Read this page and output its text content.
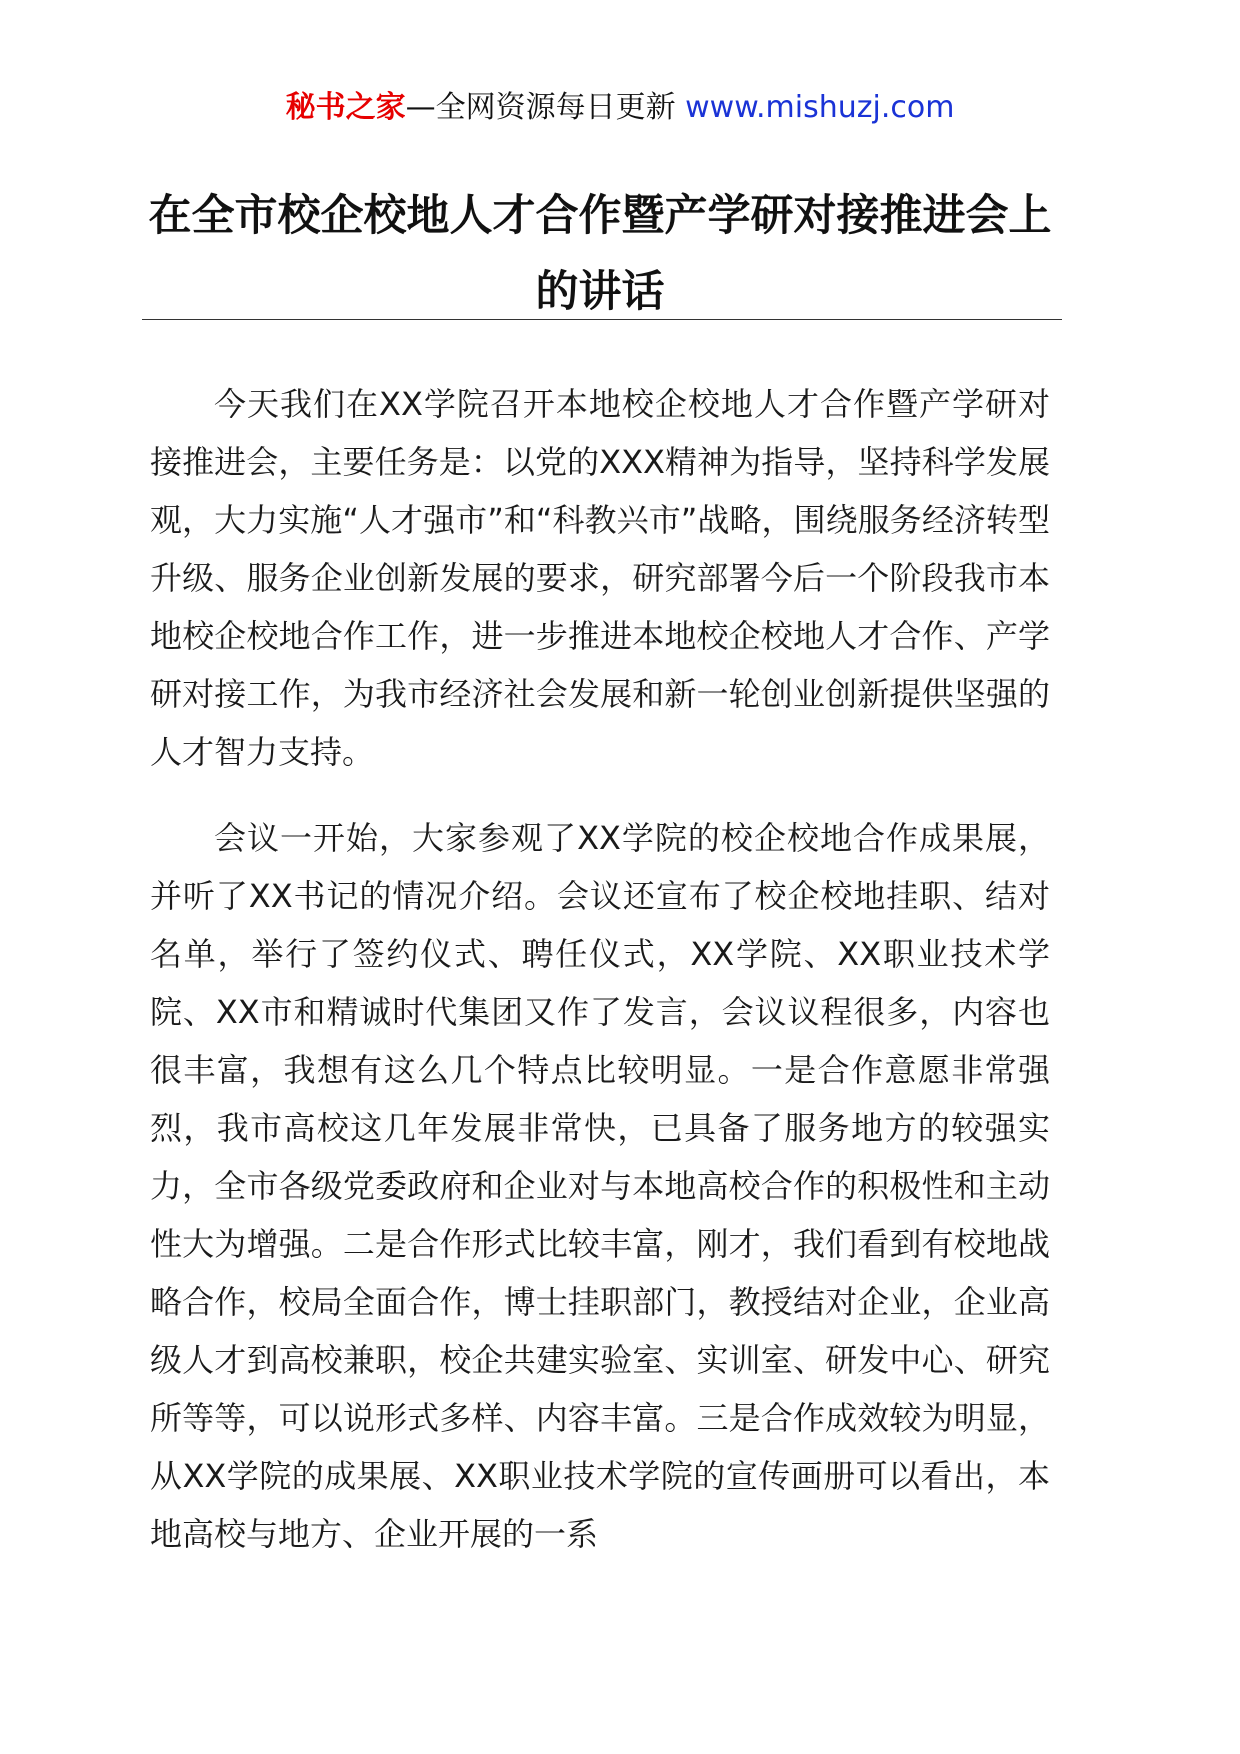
秘书之家—全网资源每日更新 www.mishuzj.com
在全市校企校地人才合作暨产学研对接推进会上的讲话

今天我们在XX学院召开本地校企校地人才合作暨产学研对接推进会，主要任务是：以党的XXX精神为指导，坚持科学发展观，大力实施“人才强市”和“科教兴市”战略，围绕服务经济转型升级、服务企业创新发展的要求，研究部署今后一个阶段我市本地校企校地合作工作，进一步推进本地校企校地人才合作、产学研对接工作，为我市经济社会发展和新一轮创业创新提供坚强的人才智力支持。

会议一开始，大家参观了XX学院的校企校地合作成果展，并听了XX书记的情况介绍。会议还宣布了校企校地挂职、结对名单，举行了签约仪式、聘任仪式，XX学院、XX职业技术学院、XX市和精诚时代集团又作了发言，会议议程很多，内容也很丰富，我想有这么几个特点比较明显。一是合作意愿非常强烈，我市高校这几年发展非常快，已具备了服务地方的较强实力，全市各级党委政府和企业对与本地高校合作的积极性和主动性大为增强。二是合作形式比较丰富，刚才，我们看到有校地战略合作，校局全面合作，博士挂职部门，教授结对企业，企业高级人才到高校兼职，校企共建实验室、实训室、研发中心、研究所等等，可以说形式多样、内容丰富。三是合作成效较为明显，从XX学院的成果展、XX职业技术学院的宣传画册可以看出，本地高校与地方、企业开展的一系
